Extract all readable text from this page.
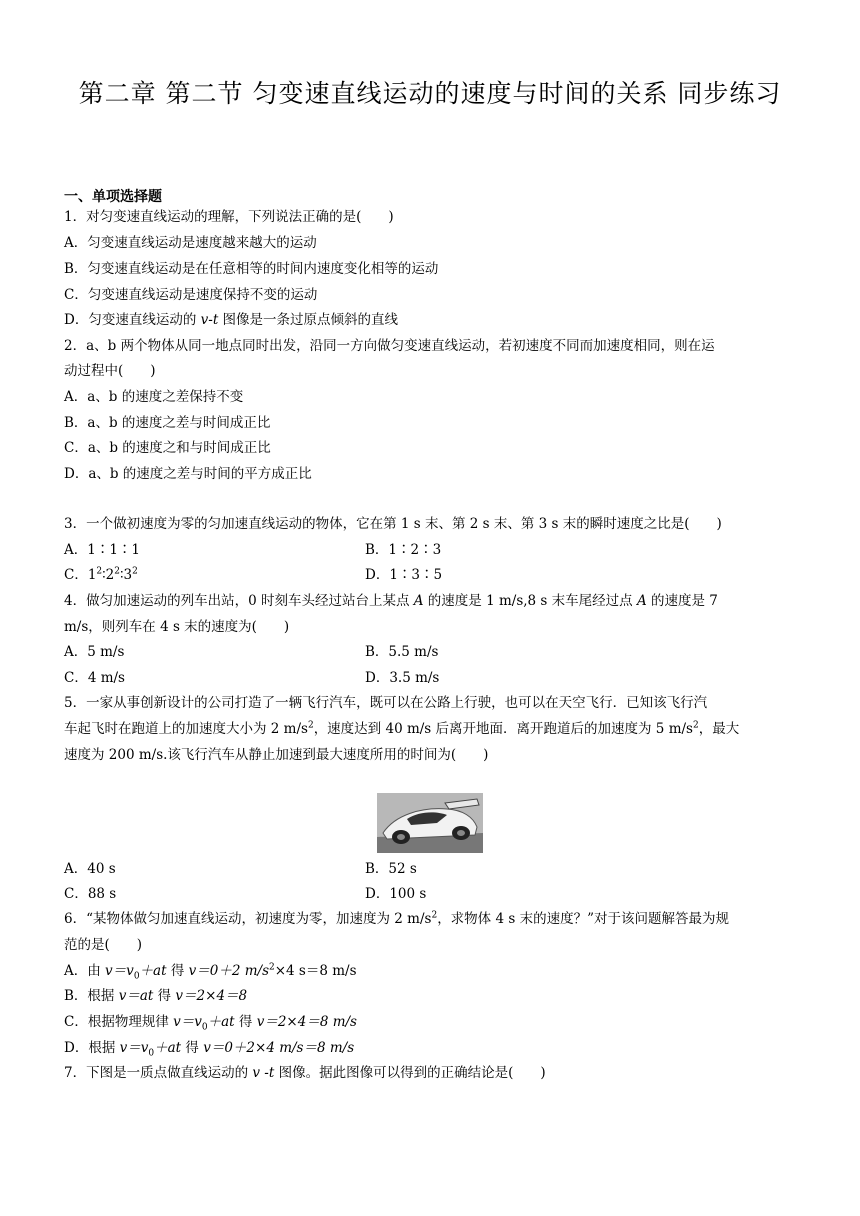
第二章 第二节 匀变速直线运动的速度与时间的关系 同步练习
一、单项选择题
1．对匀变速直线运动的理解，下列说法正确的是(　　)
A．匀变速直线运动是速度越来越大的运动
B．匀变速直线运动是在任意相等的时间内速度变化相等的运动
C．匀变速直线运动是速度保持不变的运动
D．匀变速直线运动的 v-t 图像是一条过原点倾斜的直线
2．a、b 两个物体从同一地点同时出发，沿同一方向做匀变速直线运动，若初速度不同而加速度相同，则在运
动过程中(　　)
A．a、b 的速度之差保持不变
B．a、b 的速度之差与时间成正比
C．a、b 的速度之和与时间成正比
D．a、b 的速度之差与时间的平方成正比
3．一个做初速度为零的匀加速直线运动的物体，它在第 1 s 末、第 2 s 末、第 3 s 末的瞬时速度之比是(　　)
A．1∶1∶1	B．1∶2∶3
C．$1^2∶2^2∶3^2$	D．1∶3∶5
4．做匀加速运动的列车出站，0 时刻车头经过站台上某点 A 的速度是 1 m/s,8 s 末车尾经过点 A 的速度是 7
m/s，则列车在 4 s 末的速度为(　　)
A．5 m/s	B．5.5 m/s
C．4 m/s	D．3.5 m/s
5．一家从事创新设计的公司打造了一辆飞行汽车，既可以在公路上行驶，也可以在天空飞行．已知该飞行汽
车起飞时在跑道上的加速度大小为 2 $m/s^2$，速度达到 40 m/s 后离开地面．离开跑道后的加速度为 5 $m/s^2$，最大
速度为 200 m/s.该飞行汽车从静止加速到最大速度所用的时间为(　　)
A．40 s	B．52 s
C．88 s	D．100 s
6．“某物体做匀加速直线运动，初速度为零，加速度为 2 $m/s^2$，求物体 4 s 末的速度？”对于该问题解答最为规
范的是(　　)
A．由 $v=v_0+at$ 得 v＝0＋2 $m/s^2\times 4$ s＝8 m/s
B．根据 v＝at 得 v＝2×4＝8
C．根据物理规律 $v=v_0+at$ 得 v＝2×4＝8 m/s
D．根据 $v=v_0+at$ 得 v＝0＋2×4 m/s＝8 m/s
7．下图是一质点做直线运动的 v -t 图像。据此图像可以得到的正确结论是(　　)
